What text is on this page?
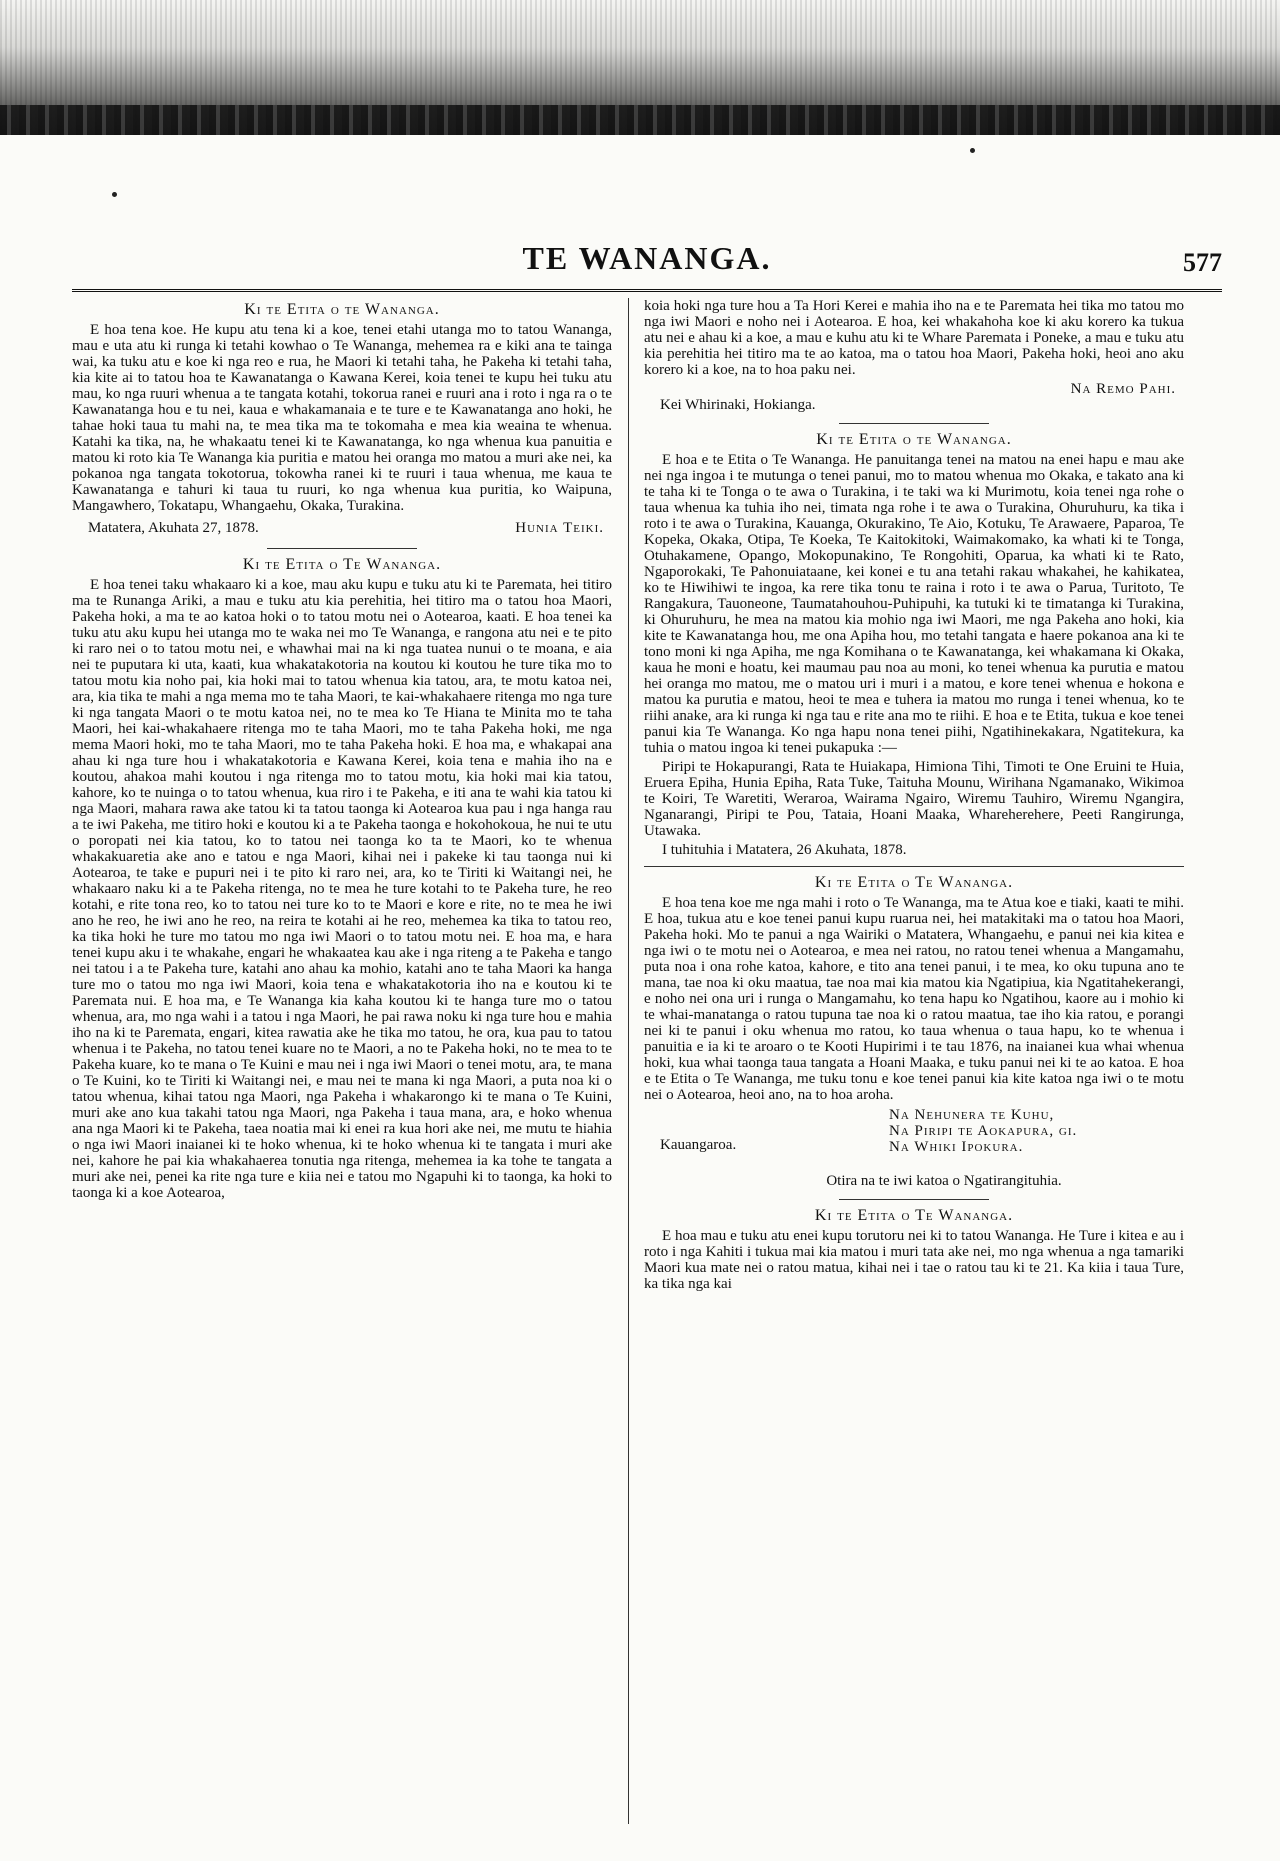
TE WANANGA.	577
Ki te Etita o te Wananga.

E hoa tena koe. He kupu atu tena ki a koe, tenei etahi utanga mo to tatou Wananga, mau e uta atu ki runga ki tetahi kowhao o Te Wananga, mehemea ra e kiki ana te tainga wai, ka tuku atu e koe ki nga reo e rua, he Maori ki tetahi taha, he Pakeha ki tetahi taha, kia kite ai to tatou hoa te Kawanatanga o Kawana Kerei, koia tenei te kupu hei tuku atu mau, ko nga ruuri whenua a te tangata kotahi, tokorua ranei e ruuri ana i roto i nga ra o te Kawanatanga hou e tu nei, kaua e whakamanaia e te ture e te Kawanatanga ano hoki, he tahae hoki taua tu mahi na, te mea tika ma te tokomaha e mea kia weaina te whenua. Katahi ka tika, na, he whakaatu tenei ki te Kawanatanga, ko nga whenua kua panuitia e matou ki roto kia Te Wananga kia puritia e matou hei oranga mo matou a muri ake nei, ka pokanoa nga tangata tokotorua, tokowha ranei ki te ruuri i taua whenua, me kaua te Kawanatanga e tahuri ki taua tu ruuri, ko nga whenua kua puritia, ko Waipuna, Mangawhero, Tokatapu, Whangaehu, Okaka, Turakina.

Matatera, Akuhata 27, 1878.	Hunia Teiki.
Ki te Etita o Te Wananga.

E hoa tenei taku whakaaro ki a koe, mau aku kupu e tuku atu ki te Paremata, hei titiro ma te Runanga Ariki, a mau e tuku atu kia perehitia, hei titiro ma o tatou hoa Maori, Pakeha hoki, a ma te ao katoa hoki o to tatou motu nei o Aotearoa, kaati. E hoa tenei ka tuku atu aku kupu hei utanga mo te waka nei mo Te Wananga, e rangona atu nei e te pito ki raro nei o to tatou motu nei, e whawhai mai na ki nga tuatea nunui o te moana, e aia nei te puputara ki uta, kaati, kua whakatakotoria na koutou ki koutou he ture tika mo to tatou motu kia noho pai, kia hoki mai to tatou whenua kia tatou, ara, te motu katoa nei, ara, kia tika te mahi a nga mema mo te taha Maori, te kai-whakahaere ritenga mo nga ture ki nga tangata Maori o te motu katoa nei, no te mea ko Te Hiana te Minita mo te taha Maori, hei kai-whakahaere ritenga mo te taha Maori, mo te taha Pakeha hoki, me nga mema Maori hoki, mo te taha Maori, mo te taha Pakeha hoki. E hoa ma, e whakapai ana ahau ki nga ture hou i whakatakotoria e Kawana Kerei, koia tena e mahia iho na e koutou, ahakoa mahi koutou i nga ritenga mo to tatou motu, kia hoki mai kia tatou, kahore, ko te nuinga o to tatou whenua, kua riro i te Pakeha, e iti ana te wahi kia tatou ki nga Maori, mahara rawa ake tatou ki ta tatou taonga ki Aotearoa kua pau i nga hanga rau a te iwi Pakeha, me titiro hoki e koutou ki a te Pakeha taonga e hokohokoua, he nui te utu o poropati nei kia tatou, ko to tatou nei taonga ko ta te Maori, ko te whenua whakakuaretia ake ano e tatou e nga Maori, kihai nei i pakeke ki tau taonga nui ki Aotearoa, te take e pupuri nei i te pito ki raro nei, ara, ko te Tiriti ki Waitangi nei, he whakaaro naku ki a te Pakeha ritenga, no te mea he ture kotahi to te Pakeha ture, he reo kotahi, e rite tona reo, ko to tatou nei ture ko to te Maori e kore e rite, no te mea he iwi ano he reo, he iwi ano he reo, na reira te kotahi ai he reo, mehemea ka tika to tatou reo, ka tika hoki he ture mo tatou mo nga iwi Maori o to tatou motu nei. E hoa ma, e hara tenei kupu aku i te whakahe, engari he whakaatea kau ake i nga riteng a te Pakeha e tango nei tatou i a te Pakeha ture, katahi ano ahau ka mohio, katahi ano te taha Maori ka hanga ture mo o tatou mo nga iwi Maori, koia tena e whakatakotoria iho na e koutou ki te Paremata nui. E hoa ma, e Te Wananga kia kaha koutou ki te hanga ture mo o tatou whenua, ara, mo nga wahi i a tatou i nga Maori, he pai rawa noku ki nga ture hou e mahia iho na ki te Paremata, engari, kitea rawatia ake he tika mo tatou, he ora, kua pau to tatou whenua i te Pakeha, no tatou tenei kuare no te Maori, a no te Pakeha hoki, no te mea to te Pakeha kuare, ko te mana o Te Kuini e mau nei i nga iwi Maori o tenei motu, ara, te mana o Te Kuini, ko te Tiriti ki Waitangi nei, e mau nei te mana ki nga Maori, a puta noa ki o tatou whenua, kihai tatou nga Maori, nga Pakeha i whakarongo ki te mana o Te Kuini, muri ake ano kua takahi tatou nga Maori, nga Pakeha i taua mana, ara, e hoko whenua ana nga Maori ki te Pakeha, taea noatia mai ki enei ra kua hori ake nei, me mutu te hiahia o nga iwi Maori inaianei ki te hoko whenua, ki te hoko whenua ki te tangata i muri ake nei, kahore he pai kia whakahaerea tonutia nga ritenga, mehemea ia ka tohe te tangata a muri ake nei, penei ka rite nga ture e kiia nei e tatou mo Ngapuhi ki to taonga, ka hoki to taonga ki a koe Aotearoa,

koia hoki nga ture hou a Ta Hori Kerei e mahia iho na e te Paremata hei tika mo tatou mo nga iwi Maori e noho nei i Aotearoa. E hoa, kei whakahoha koe ki aku korero ka tukua atu nei e ahau ki a koe, a mau e kuhu atu ki te Whare Paremata i Poneke, a mau e tuku atu kia perehitia hei titiro ma te ao katoa, ma o tatou hoa Maori, Pakeha hoki, heoi ano aku korero ki a koe, na to hoa paku nei.

Na Remo Pahi.
Kei Whirinaki, Hokianga.
Ki te Etita o te Wananga.

E hoa e te Etita o Te Wananga. He panuitanga tenei na matou na enei hapu e mau ake nei nga ingoa i te mutunga o tenei panui, mo to matou whenua mo Okaka, e takato ana ki te taha ki te Tonga o te awa o Turakina, i te taki wa ki Murimotu, koia tenei nga rohe o taua whenua ka tuhia iho nei, timata nga rohe i te awa o Turakina, Ohuruhuru, ka tika i roto i te awa o Turakina, Kauanga, Okurakino, Te Aio, Kotuku, Te Arawaere, Paparoa, Te Kopeka, Okaka, Otipa, Te Koeka, Te Kaitokitoki, Waimakomako, ka whati ki te Tonga, Otuhakamene, Opango, Mokopunakino, Te Rongohiti, Oparua, ka whati ki te Rato, Ngaporokaki, Te Pahonuiataane, kei konei e tu ana tetahi rakau whakahei, he kahikatea, ko te Hiwihiwi te ingoa, ka rere tika tonu te raina i roto i te awa o Parua, Turitoto, Te Rangakura, Tauoneone, Taumatahouhou-Puhipuhi, ka tutuki ki te timatanga ki Turakina, ki Ohuruhuru, he mea na matou kia mohio nga iwi Maori, me nga Pakeha ano hoki, kia kite te Kawanatanga hou, me ona Apiha hou, mo tetahi tangata e haere pokanoa ana ki te tono moni ki nga Apiha, me nga Komihana o te Kawanatanga, kei whakamana ki Okaka, kaua he moni e hoatu, kei maumau pau noa au moni, ko tenei whenua ka purutia e matou hei oranga mo matou, me o matou uri i muri i a matou, e kore tenei whenua e hokona e matou ka purutia e matou, heoi te mea e tuhera ia matou mo runga i tenei whenua, ko te riihi anake, ara ki runga ki nga tau e rite ana mo te riihi. E hoa e te Etita, tukua e koe tenei panui kia Te Wananga. Ko nga hapu nona tenei piihi, Ngatihinekakara, Ngatitekura, ka tuhia o matou ingoa ki tenei pukapuka :—

Piripi te Hokapurangi, Rata te Huiakapa, Himiona Tihi, Timoti te One Eruini te Huia, Eruera Epiha, Hunia Epiha, Rata Tuke, Taituha Mounu, Wirihana Ngamanako, Wikimoa te Koiri, Te Waretiti, Weraroa, Wairama Ngairo, Wiremu Tauhiro, Wiremu Ngangira, Nganarangi, Piripi te Pou, Tataia, Hoani Maaka, Whareherehere, Peeti Rangirunga, Utawaka.

I tuhituhia i Matatera, 26 Akuhata, 1878.

Ki te Etita o Te Wananga.

E hoa tena koe me nga mahi i roto o Te Wananga, ma te Atua koe e tiaki, kaati te mihi. E hoa, tukua atu e koe tenei panui kupu ruarua nei, hei matakitaki ma o tatou hoa Maori, Pakeha hoki. Mo te panui a nga Wairiki o Matatera, Whangaehu, e panui nei kia kitea e nga iwi o te motu nei o Aotearoa, e mea nei ratou, no ratou tenei whenua a Mangamahu, puta noa i ona rohe katoa, kahore, e tito ana tenei panui, i te mea, ko oku tupuna ano te mana, tae noa ki oku maatua, tae noa mai kia matou kia Ngatipiua, kia Ngatitahekerangi, e noho nei ona uri i runga o Mangamahu, ko tena hapu ko Ngatihou, kaore au i mohio ki te whai-manatanga o ratou tupuna tae noa ki o ratou maatua, tae iho kia ratou, e porangi nei ki te panui i oku whenua mo ratou, ko taua whenua o taua hapu, ko te whenua i panuitia e ia ki te aroaro o te Kooti Hupirimi i te tau 1876, na inaianei kua whai whenua hoki, kua whai taonga taua tangata a Hoani Maaka, e tuku panui nei ki te ao katoa. E hoa e te Etita o Te Wananga, me tuku tonu e koe tenei panui kia kite katoa nga iwi o te motu nei o Aotearoa, heoi ano, na to hoa aroha.

Kauangaroa.
Na Nehunera te Kuhu,
Na Piripi te Aokapura, gi.
Na Whiki Ipokura.
Otira na te iwi katoa o Ngatirangituhia.
Ki te Etita o Te Wananga.

E hoa mau e tuku atu enei kupu torutoru nei ki to tatou Wananga. He Ture i kitea e au i roto i nga Kahiti i tukua mai kia matou i muri tata ake nei, mo nga whenua a nga tamariki Maori kua mate nei o ratou matua, kihai nei i tae o ratou tau ki te 21. Ka kiia i taua Ture, ka tika nga kai
